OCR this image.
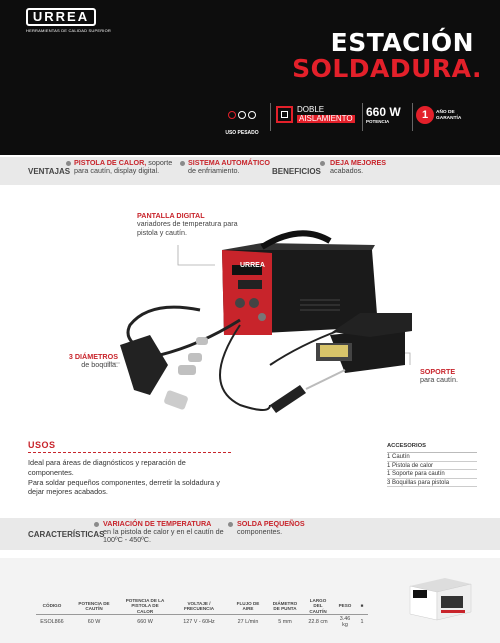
URREA
HERRAMIENTAS DE CALIDAD SUPERIOR	ESTACIÓN
SOLDADURA.
USO PESADO
DOBLE
AISLAMIENTO 660 W
POTENCIA
1	AÑO DE
GARANTÍA
VENTAJAS
PISTOLA DE CALOR, soporte para cautín, display digital.
SISTEMA AUTOMÁTICO
de enfriamiento.	BENEFICIOS
DEJA MEJORES
acabados.
URREA
PANTALLA DIGITAL
variadores de temperatura para pistola y cautín.
3 DIÁMETROS
de boquilla.
SOPORTE
para cautín.
USOS
Ideal para áreas de diagnósticos y reparación de componentes.
Para soldar pequeños componentes, derretir la soldadura y dejar mejores acabados.
ACCESORIOS
1 Cautín
1 Pistola de calor
1 Soporte para cautín
3 Boquillas para pistola
CARACTERÍSTICAS
VARIACIÓN DE TEMPERATURA
en la pistola de calor y en el cautín de 100ºC - 450ºC.
SOLDA PEQUEÑOS
componentes.
CÓDIGO	POTENCIA DE CAUTÍN	POTENCIA DE LA PISTOLA DE CALOR	VOLTAJE / FRECUENCIA	FLUJO DE AIRE	DIÁMETRO DE PUNTA	LARGO DEL CAUTÍN	PESO	■
ESOL866	60 W	660 W	127 V - 60Hz	27 L/min	5 mm	22.8 cm	3.46 kg	1
